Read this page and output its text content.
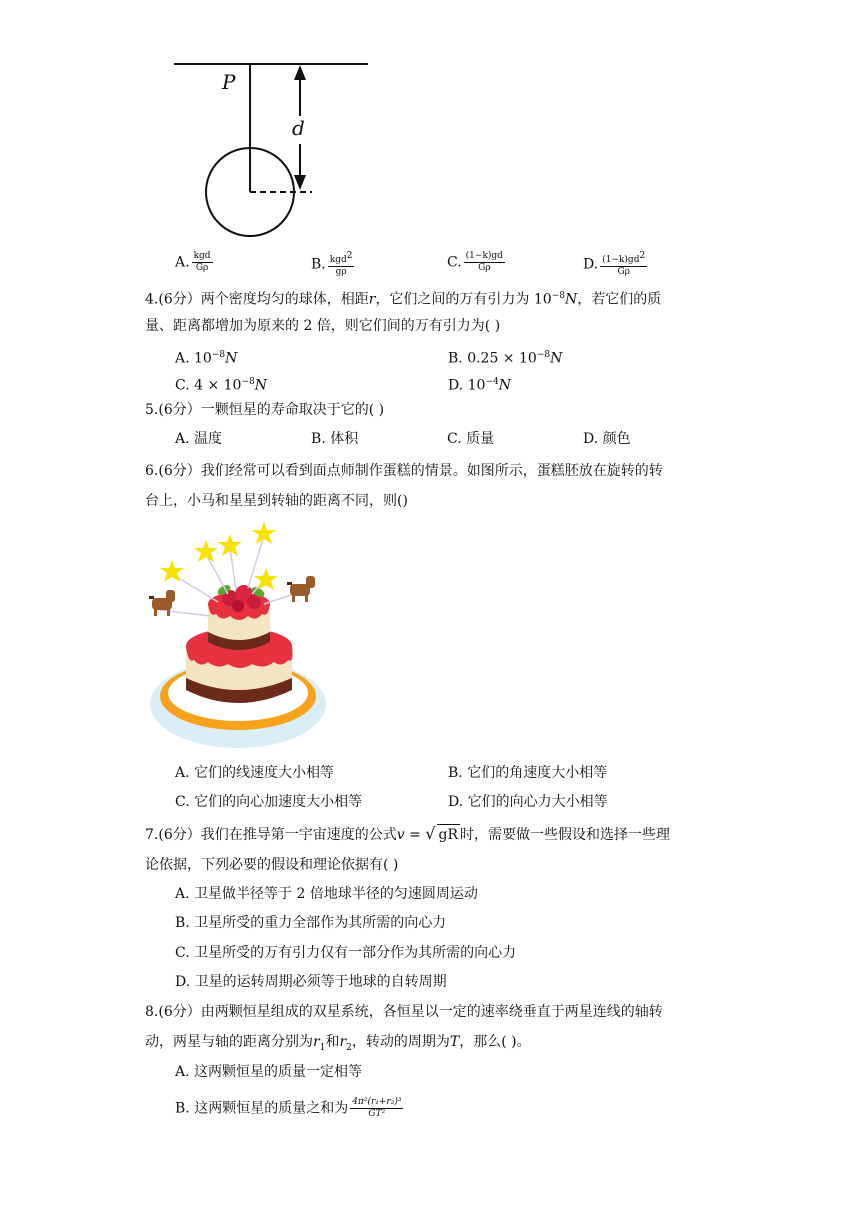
P
d
A. $\frac{\text{kgd}}{G\rho}$	B. $\frac{kgd^2}{g\rho}$	C. $\frac{(1-k)gd}{G\rho}$	D. $\frac{(1-k)gd^2}{G\rho}$
4.(6分）两个密度均匀的球体，相距r，它们之间的万有引力为 $10^{-8}N$，若它们的质
量、距离都增加为原来的 2 倍，则它们间的万有引力为( )
A. $10^{-8}N$	B. $0.25 \times 10^{-8}N$
C. $4 \times 10^{-8}N$	D. $10^{-4}N$
5.(6分）一颗恒星的寿命取决于它的( )
A. 温度	B. 体积	C. 质量	D. 颜色
6.(6分）我们经常可以看到面点师制作蛋糕的情景。如图所示，蛋糕胚放在旋转的转
台上，小马和星星到转轴的距离不同，则()
A. 它们的线速度大小相等	B. 它们的角速度大小相等
C. 它们的向心加速度大小相等	D. 它们的向心力大小相等
7.(6分）我们在推导第一宇宙速度的公式v = √ gR 时，需要做一些假设和选择一些理
论依据，下列必要的假设和理论依据有( )
A. 卫星做半径等于 2 倍地球半径的匀速圆周运动
B. 卫星所受的重力全部作为其所需的向心力
C. 卫星所受的万有引力仅有一部分作为其所需的向心力
D. 卫星的运转周期必须等于地球的自转周期
8.(6分）由两颗恒星组成的双星系统，各恒星以一定的速率绕垂直于两星连线的轴转
动，两星与轴的距离分别为$r_1$和$r_2$，转动的周期为T，那么( )。
A. 这两颗恒星的质量一定相等
B. 这两颗恒星的质量之和为 $\frac{\text{4π²(r₁+r₂)³}}{\text{GT²}}$
